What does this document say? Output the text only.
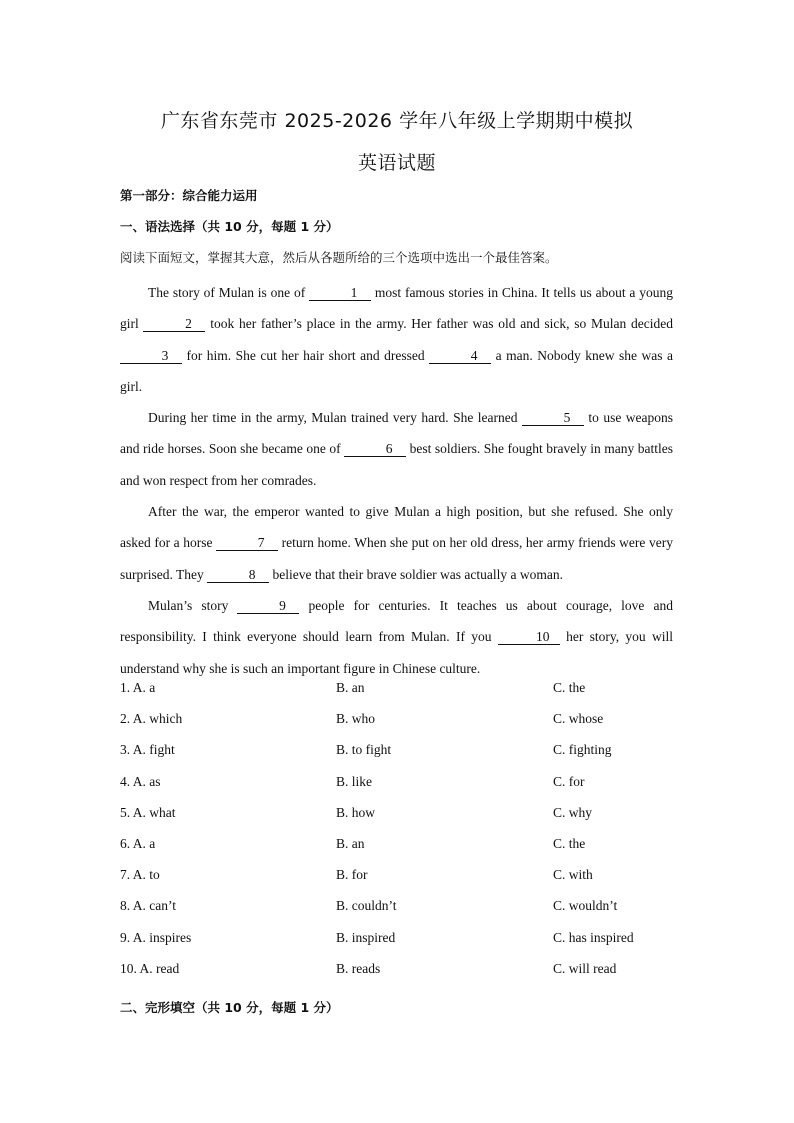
广东省东莞市 2025-2026 学年八年级上学期期中模拟
英语试题
第一部分：综合能力运用
一、语法选择（共 10 分，每题 1 分）
阅读下面短文，掌握其大意，然后从各题所给的三个选项中选出一个最佳答案。

The story of Mulan is one of	1 most famous stories in China. It tells us about a young girl	2 took her father’s place in the army. Her father was old and sick, so Mulan decided 3 for him. She cut her hair short and dressed	4 a man. Nobody knew she was a girl.

During her time in the army, Mulan trained very hard. She learned	5 to use weapons and ride horses. Soon she became one of	6 best soldiers. She fought bravely in many battles and won respect from her comrades.

After the war, the emperor wanted to give Mulan a high position, but she refused. She only asked for a horse	7 return home. When she put on her old dress, her army friends were very surprised. They	8 believe that their brave soldier was actually a woman.

Mulan’s story	9 people for centuries. It teaches us about courage, love and responsibility. I think everyone should learn from Mulan. If you	10 her story, you will understand why she is such an important figure in Chinese culture.

1. A. a	B. an	C. the
2. A. which	B. who	C. whose
3. A. fight	B. to fight	C. fighting
4. A. as	B. like	C. for
5. A. what	B. how	C. why
6. A. a	B. an	C. the
7. A. to	B. for	C. with
8. A. can’t	B. couldn’t	C. wouldn’t
9. A. inspires	B. inspired	C. has inspired
10. A. read	B. reads	C. will read
二、完形填空（共 10 分，每题 1 分）
